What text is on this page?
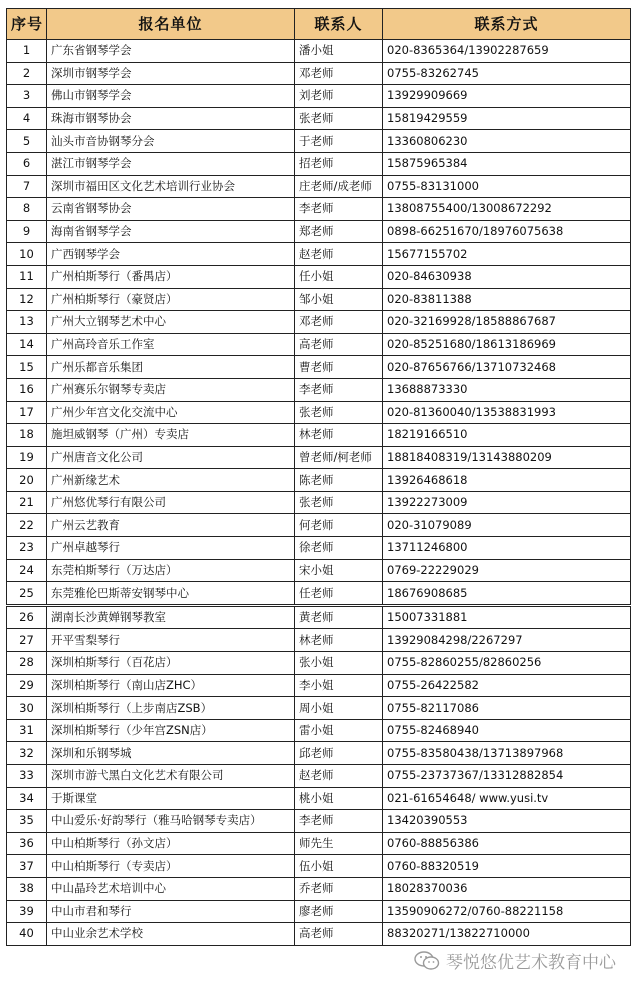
序号	报名单位	联系人	联系方式
1	广东省钢琴学会	潘小姐	020-8365364/13902287659
2	深圳市钢琴学会	邓老师	0755-83262745
3	佛山市钢琴学会	刘老师	13929909669
4	珠海市钢琴协会	张老师	15819429559
5	汕头市音协钢琴分会	于老师	13360806230
6	湛江市钢琴学会	招老师	15875965384
7	深圳市福田区文化艺术培训行业协会	庄老师/成老师	0755-83131000
8	云南省钢琴协会	李老师	13808755400/13008672292
9	海南省钢琴学会	郑老师	0898-66251670/18976075638
10	广西钢琴学会	赵老师	15677155702
11	广州柏斯琴行（番禺店）	任小姐	020-84630938
12	广州柏斯琴行（豪贤店）	邹小姐	020-83811388
13	广州大立钢琴艺术中心	邓老师	020-32169928/18588867687
14	广州高玲音乐工作室	高老师	020-85251680/18613186969
15	广州乐都音乐集团	曹老师	020-87656766/13710732468
16	广州赛乐尔钢琴专卖店	李老师	13688873330
17	广州少年宫文化交流中心	张老师	020-81360040/13538831993
18	施坦威钢琴（广州）专卖店	林老师	18219166510
19	广州唐音文化公司	曾老师/柯老师	18818408319/13143880209
20	广州新缘艺术	陈老师	13926468618
21	广州悠优琴行有限公司	张老师	13922273009
22	广州云艺教育	何老师	020-31079089
23	广州卓越琴行	徐老师	13711246800
24	东莞柏斯琴行（万达店）	宋小姐	0769-22229029
25	东莞雅伦巴斯蒂安钢琴中心	任老师	18676908685
26	湖南长沙黄婵钢琴教室	黄老师	15007331881
27	开平雪梨琴行	林老师	13929084298/2267297
28	深圳柏斯琴行（百花店）	张小姐	0755-82860255/82860256
29	深圳柏斯琴行（南山店ZHC）	李小姐	0755-26422582
30	深圳柏斯琴行（上步南店ZSB）	周小姐	0755-82117086
31	深圳柏斯琴行（少年宫ZSN店）	雷小姐	0755-82468940
32	深圳和乐钢琴城	邱老师	0755-83580438/13713897968
33	深圳市游弋黑白文化艺术有限公司	赵老师	0755-23737367/13312882854
34	于斯课堂	桃小姐	021-61654648/ www.yusi.tv
35	中山爱乐·好韵琴行（雅马哈钢琴专卖店）	李老师	13420390553
36	中山柏斯琴行（孙文店）	师先生	0760-88856386
37	中山柏斯琴行（专卖店）	伍小姐	0760-88320519
38	中山晶玲艺术培训中心	乔老师	18028370036
39	中山市君和琴行	廖老师	13590906272/0760-88221158
40	中山业余艺术学校	高老师	88320271/13822710000
琴悦悠优艺术教育中心
